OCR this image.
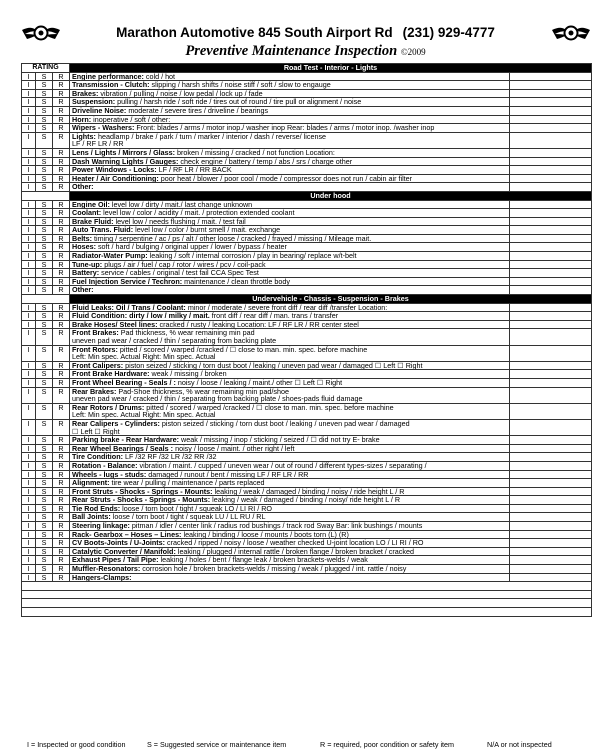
Marathon Automotive 845 South Airport Rd (231) 929-4777
Preventive Maintenance Inspection ©2009
RATING			Road Test - Interior - Lights	
I	S	R	Engine performance: cold / hot	
I	S	R	Transmission - Clutch: slipping / harsh shifts / noise stiff / soft / slow to engauge	
I	S	R	Brakes: vibration / pulling / noise / low pedal / lock up / fade	
I	S	R	Suspension: pulling / harsh ride / soft ride / tires out of round / tire pull or alignment / noise	
I	S	R	Driveline Noise: moderate / severe tires / driveline / bearings	
I	S	R	Horn: inoperative / soft / other:	
I	S	R	Wipers - Washers: Front: blades / arms / motor inop./ washer inop Rear: blades / arms / motor inop. /washer inop	
I	S	R	Lights: headlamp / brake / park / turn / marker / interior / dash / reverse/ license
LF / RF LR / RR	
I	S	R	Lens / Lights / Mirrors / Glass: broken / missing / cracked / not function Location:	
I	S	R	Dash Warning Lights / Gauges: check engine / battery / temp / abs / srs / charge other	
I	S	R	Power Windows - Locks: LF / RF LR / RR BACK	
I	S	R	Heater / Air Conditioning: poor heat / blower / poor cool / mode / compressor does not run / cabin air filter	
I	S	R	Other:	
			Under hood	
I	S	R	Engine Oil: level low / dirty / mait./ last change unknown	
I	S	R	Coolant: level low / color / acidity / mait. / protection extended coolant	
I	S	R	Brake Fluid: level low / needs flushing / mait. / test fail	
I	S	R	Auto Trans. Fluid: level low / color / burnt smell / mait. exchange	
I	S	R	Belts: timing / serpentine / ac / ps / alt / other loose / cracked / frayed / missing / Mileage mait.	
I	S	R	Hoses: soft / hard / bulging / original upper / lower / bypass / heater	
I	S	R	Radiator-Water Pump: leaking / soft / internal corrosion / play in bearing/ replace w/t-belt	
I	S	R	Tune-up: plugs / air / fuel / cap / rotor / wires / pcv / coil-pack	
I	S	R	Battery: service / cables / original / test fail CCA Spec Test	
I	S	R	Fuel Injection Service / Techron: maintenance / clean throttle body	
I	S	R	Other:	
			Undervehicle - Chassis - Suspension - Brakes	
I	S	R	Fluid Leaks: Oil / Trans / Coolant: minor / moderate / severe front diff / rear diff /transfer Location:	
I	S	R	Fluid Condition: dirty / low / milky / mait. front diff / rear diff / man. trans / transfer	
I	S	R	Brake Hoses/ Steel lines: cracked / rusty / leaking Location: LF / RF LR / RR center steel	
I	S	R	Front Brakes: Pad thickness, % wear remaining min pad
uneven pad wear / cracked / thin / separating from backing plate	
I	S	R	Front Rotors: pitted / scored / warped /cracked / ☐ close to man. min. spec. before machine
Left: Min spec. Actual Right: Min spec. Actual	
I	S	R	Front Calipers: piston seized / sticking / torn dust boot / leaking / uneven pad wear / damaged ☐ Left ☐ Right	
I	S	R	Front Brake Hardware: weak / missing / broken	
I	S	R	Front Wheel Bearing - Seals / : noisy / loose / leaking / maint./ other ☐ Left ☐ Right	
I	S	R	Rear Brakes: Pad-Shoe thickness, % wear remaining min pad/shoe
uneven pad wear / cracked / thin / separating from backing plate / shoes-pads fluid damage	
I	S	R	Rear Rotors / Drums: pitted / scored / warped /cracked / ☐ close to man. min. spec. before machine
Left: Min spec. Actual Right: Min spec. Actual	
I	S	R	Rear Calipers - Cylinders: piston seized / sticking / torn dust boot / leaking / uneven pad wear / damaged
☐ Left ☐ Right	
I	S	R	Parking brake - Rear Hardware: weak / missing / inop / sticking / seized / ☐ did not try E- brake	
I	S	R	Rear Wheel Bearings / Seals : noisy / loose / maint. / other right / left	
I	S	R	Tire Condition: LF /32 RF /32 LR /32 RR /32	
I	S	R	Rotation - Balance: vibration / maint. / cupped / uneven wear / out of round / different types-sizes / separating /	
I	S	R	Wheels - lugs - studs: damaged / runout / bent / missing LF / RF LR / RR	
I	S	R	Alignment: tire wear / pulling / maintenance / parts replaced	
I	S	R	Front Struts - Shocks - Springs - Mounts: leaking / weak / damaged / binding / noisy / ride height L / R	
I	S	R	Rear Struts - Shocks - Springs - Mounts: leaking / weak / damaged / binding / noisy/ ride height L / R	
I	S	R	Tie Rod Ends: loose / torn boot / tight / squeak LO / LI RI / RO	
I	S	R	Ball Joints: loose / torn boot / tight / squeak LU / LL RU / RL	
I	S	R	Steering linkage: pitman / idler / center link / radius rod bushings / track rod Sway Bar: link bushings / mounts	
I	S	R	Rack- Gearbox – Hoses – Lines: leaking / binding / loose / mounts / boots torn (L) (R)	
I	S	R	CV Boots-Joints / U-Joints: cracked / ripped / noisy / loose / weather checked U-joint location LO / LI RI / RO	
I	S	R	Catalytic Converter / Manifold: leaking / plugged / internal rattle / broken flange / broken bracket / cracked	
I	S	R	Exhaust Pipes / Tail Pipe: leaking / holes / bent / flange leak / broken brackets-welds / weak	
I	S	R	Muffler-Resonators: corrosion hole / broken brackets-welds / missing / weak / plugged / int. rattle / noisy	
I	S	R	Hangers-Clamps:	

I = Inspected or good condition	S = Suggested service or maintenance item	R = required, poor condition or safety item	N/A or not inspected
